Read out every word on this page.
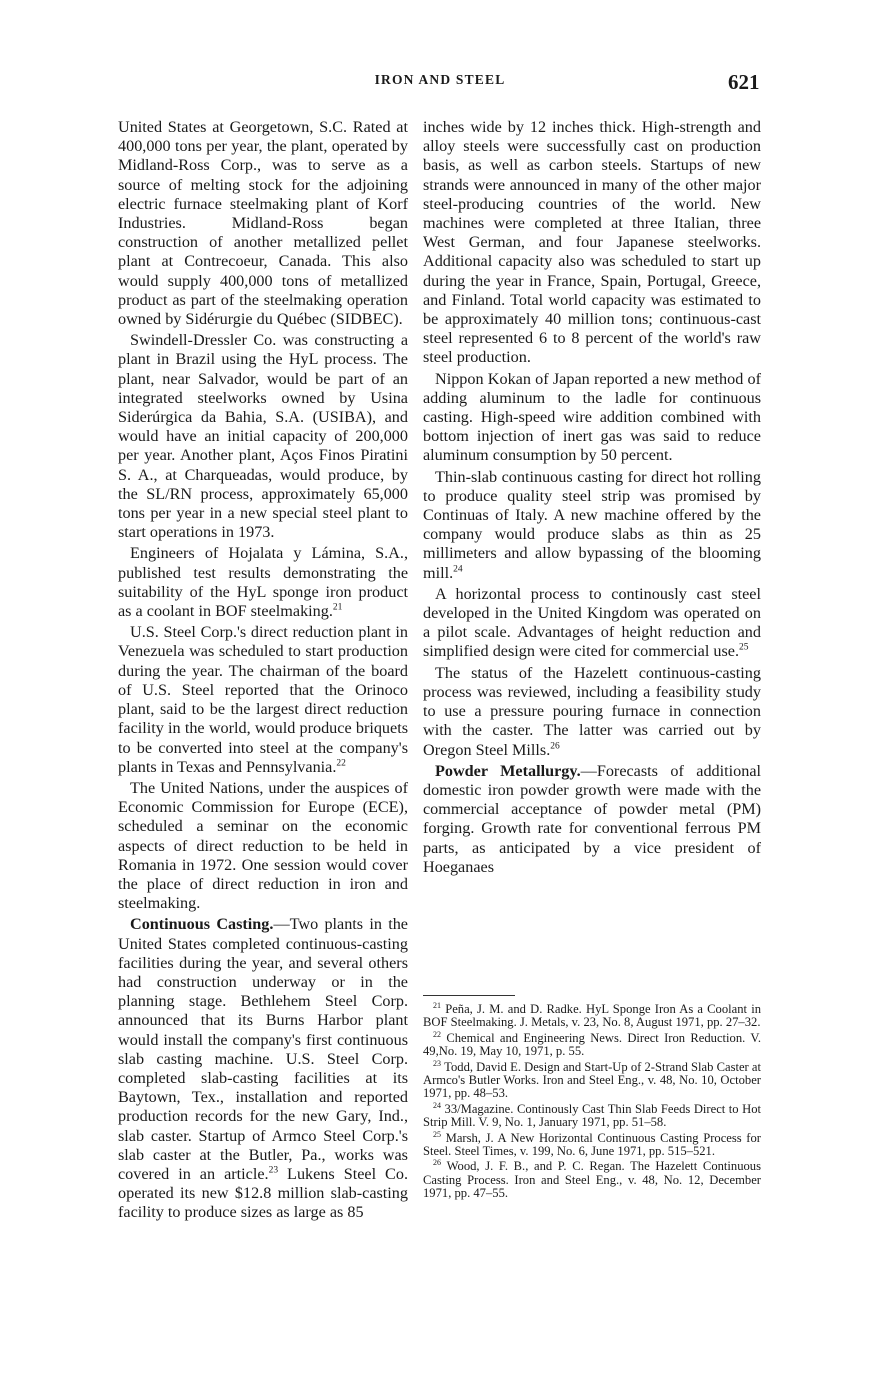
IRON AND STEEL	621

United States at Georgetown, S.C. Rated at 400,000 tons per year, the plant, operated by Midland-Ross Corp., was to serve as a source of melting stock for the adjoining electric furnace steelmaking plant of Korf Industries. Midland-Ross began construction of another metallized pellet plant at Contrecoeur, Canada. This also would supply 400,000 tons of metallized product as part of the steelmaking operation owned by Sidérurgie du Québec (SIDBEC).

Swindell-Dressler Co. was constructing a plant in Brazil using the HyL process. The plant, near Salvador, would be part of an integrated steelworks owned by Usina Siderúrgica da Bahia, S.A. (USIBA), and would have an initial capacity of 200,000 per year. Another plant, Aços Finos Piratini S. A., at Charqueadas, would produce, by the SL/RN process, approximately 65,000 tons per year in a new special steel plant to start operations in 1973.

Engineers of Hojalata y Lámina, S.A., published test results demonstrating the suitability of the HyL sponge iron product as a coolant in BOF steelmaking.$^{21}$

U.S. Steel Corp.'s direct reduction plant in Venezuela was scheduled to start production during the year. The chairman of the board of U.S. Steel reported that the Orinoco plant, said to be the largest direct reduction facility in the world, would produce briquets to be converted into steel at the company's plants in Texas and Pennsylvania.$^{22}$

The United Nations, under the auspices of Economic Commission for Europe (ECE), scheduled a seminar on the economic aspects of direct reduction to be held in Romania in 1972. One session would cover the place of direct reduction in iron and steelmaking.

Continuous Casting.—Two plants in the United States completed continuous-casting facilities during the year, and several others had construction underway or in the planning stage. Bethlehem Steel Corp. announced that its Burns Harbor plant would install the company's first continuous slab casting machine. U.S. Steel Corp. completed slab-casting facilities at its Baytown, Tex., installation and reported production records for the new Gary, Ind., slab caster. Startup of Armco Steel Corp.'s slab caster at the Butler, Pa., works was covered in an article.$^{23}$ Lukens Steel Co. operated its new $12.8 million slab-casting facility to produce sizes as large as 85

inches wide by 12 inches thick. High-strength and alloy steels were successfully cast on production basis, as well as carbon steels. Startups of new strands were announced in many of the other major steel-producing countries of the world. New machines were completed at three Italian, three West German, and four Japanese steelworks. Additional capacity also was scheduled to start up during the year in France, Spain, Portugal, Greece, and Finland. Total world capacity was estimated to be approximately 40 million tons; continuous-cast steel represented 6 to 8 percent of the world's raw steel production.

Nippon Kokan of Japan reported a new method of adding aluminum to the ladle for continuous casting. High-speed wire addition combined with bottom injection of inert gas was said to reduce aluminum consumption by 50 percent.

Thin-slab continuous casting for direct hot rolling to produce quality steel strip was promised by Continuas of Italy. A new machine offered by the company would produce slabs as thin as 25 millimeters and allow bypassing of the blooming mill.$^{24}$

A horizontal process to continously cast steel developed in the United Kingdom was operated on a pilot scale. Advantages of height reduction and simplified design were cited for commercial use.$^{25}$

The status of the Hazelett continuous-casting process was reviewed, including a feasibility study to use a pressure pouring furnace in connection with the caster. The latter was carried out by Oregon Steel Mills.$^{26}$

Powder Metallurgy.—Forecasts of additional domestic iron powder growth were made with the commercial acceptance of powder metal (PM) forging. Growth rate for conventional ferrous PM parts, as anticipated by a vice president of Hoeganaes

$^{21}$ Peña, J. M. and D. Radke. HyL Sponge Iron As a Coolant in BOF Steelmaking. J. Metals, v. 23, No. 8, August 1971, pp. 27–32.

$^{22}$ Chemical and Engineering News. Direct Iron Reduction. V. 49,No. 19, May 10, 1971, p. 55.

$^{23}$ Todd, David E. Design and Start-Up of 2-Strand Slab Caster at Armco's Butler Works. Iron and Steel Eng., v. 48, No. 10, October 1971, pp. 48–53.

$^{24}$ 33/Magazine. Continously Cast Thin Slab Feeds Direct to Hot Strip Mill. V. 9, No. 1, January 1971, pp. 51–58.

$^{25}$ Marsh, J. A New Horizontal Continuous Casting Process for Steel. Steel Times, v. 199, No. 6, June 1971, pp. 515–521.

$^{26}$ Wood, J. F. B., and P. C. Regan. The Hazelett Continuous Casting Process. Iron and Steel Eng., v. 48, No. 12, December 1971, pp. 47–55.
